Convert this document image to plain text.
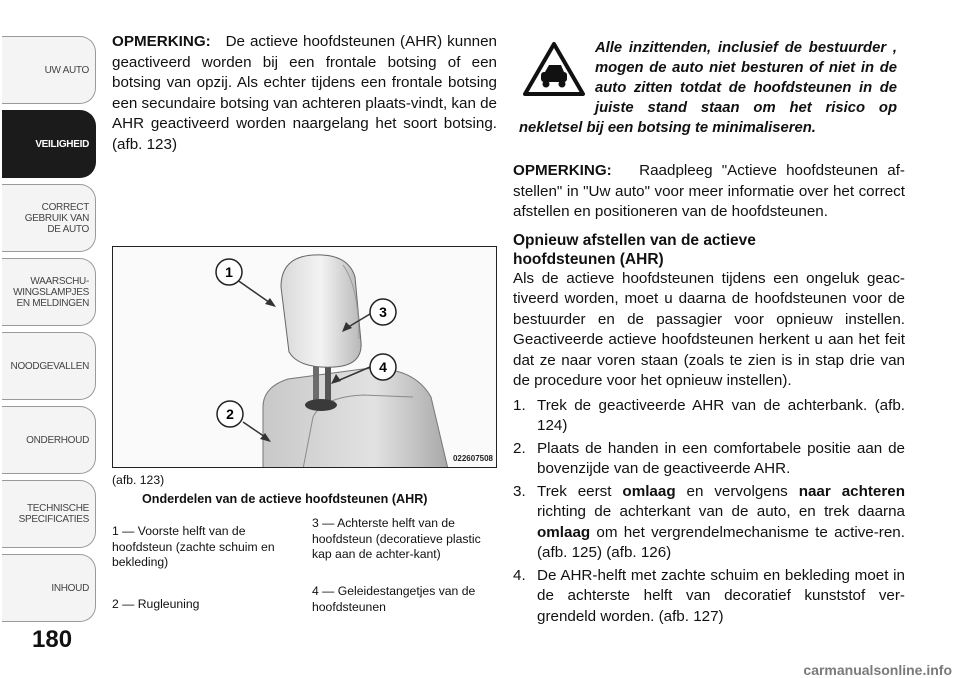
UW AUTO
VEILIGHEID
CORRECT
GEBRUIK VAN
DE AUTO
WAARSCHU-
WINGSLAMPJES
EN MELDINGEN
NOODGEVALLEN
ONDERHOUD
TECHNISCHE
SPECIFICATIES
INHOUD
180
OPMERKING: De actieve hoofdsteunen (AHR) kunnen geactiveerd worden bij een frontale botsing of een botsing van opzij. Als echter tijdens een frontale botsing een secundaire botsing van achteren plaats-vindt, kan de AHR geactiveerd worden naargelang het soort botsing. (afb. 123)
1
2
3
4
022607508
(afb. 123)
Onderdelen van de actieve hoofdsteunen (AHR)
1 — Voorste helft van de hoofdsteun (zachte schuim en bekleding)
2 — Rugleuning
3 — Achterste helft van de hoofdsteun (decoratieve plastic kap aan de achter-kant)
4 — Geleidestangetjes van de hoofdsteunen
Alle inzittenden, inclusief de bestuurder , mogen de auto niet besturen of niet in de auto zitten totdat de hoofdsteunen in de juiste stand staan om het risico op nekletsel bij een botsing te minimaliseren.
OPMERKING: Raadpleeg "Actieve hoofdsteunen af-stellen" in "Uw auto" voor meer informatie over het correct afstellen en positioneren van de hoofdsteunen.
Opnieuw afstellen van de actieve hoofdsteunen (AHR)
Als de actieve hoofdsteunen tijdens een ongeluk geac-tiveerd worden, moet u daarna de hoofdsteunen voor de bestuurder en de passagier voor opnieuw instellen. Geactiveerde actieve hoofdsteunen herkent u aan het feit dat ze naar voren staan (zoals te zien is in stap drie van de procedure voor het opnieuw instellen).
1. Trek de geactiveerde AHR van de achterbank. (afb. 124)
2. Plaats de handen in een comfortabele positie aan de bovenzijde van de geactiveerde AHR.
3. Trek eerst omlaag en vervolgens naar achteren richting de achterkant van de auto, en trek daarna omlaag om het vergrendelmechanisme te active-ren. (afb. 125) (afb. 126)
4. De AHR-helft met zachte schuim en bekleding moet in de achterste helft van decoratief kunststof ver-grendeld worden. (afb. 127)
carmanualsonline.info
